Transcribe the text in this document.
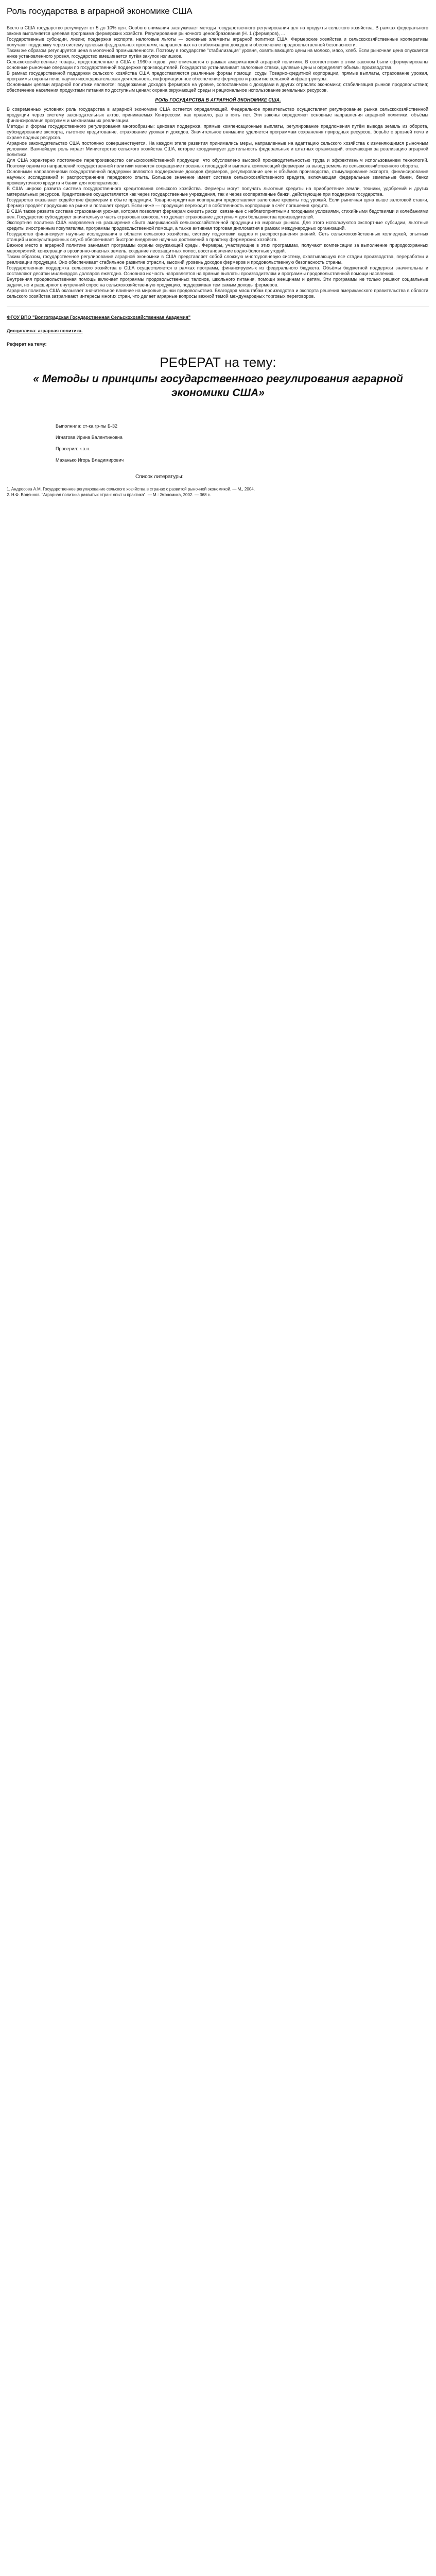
Роль государства в аграрной экономике США
Всего в США государство регулирует от 5 до 10% цен. Особого внимания заслуживает методы государственного регулирования цен на продукты сельского хозяйства. В рамках федерального закона выполняется целевая программа фермерских хозяйств. Регулирование рыночного ценообразования (Н. 1 (фермеров), ...
Государственные субсидии, лизинг, поддержка экспорта, налоговые льготы — основные элементы аграрной политики США. Фермерские хозяйства и сельскохозяйственные кооперативы получают поддержку через систему целевых федеральных программ, направленных на стабилизацию доходов и обеспечение продовольственной безопасности.
Таким же образом регулируется цена в молочной промышленности. Поэтому в государстве "стабилизация" уровня, охватывающего цены на молоко, мясо, хлеб. Если рыночная цена опускается ниже установленного уровня, государство вмешивается путём закупок излишков.
Сельскохозяйственные товары, представленные в США с 1960-х годов, уже отмечаются в рамках американской аграрной политики. В соответствии с этим законом были сформулированы основные рыночные операции по государственной поддержке производителей. Государство устанавливает залоговые ставки, целевые цены и определяет объемы производства.
В рамках государственной поддержки сельского хозяйства США предоставляются различные формы помощи: ссуды Товарно-кредитной корпорации, прямые выплаты, страхование урожая, программы охраны почв, научно-исследовательская деятельность, информационное обеспечение фермеров и развитие сельской инфраструктуры.
Основными целями аграрной политики являются: поддержание доходов фермеров на уровне, сопоставимом с доходами в других отраслях экономики; стабилизация рынков продовольствия; обеспечение населения продуктами питания по доступным ценам; охрана окружающей среды и рациональное использование земельных ресурсов.
РОЛЬ ГОСУДАРСТВА В АГРАРНОЙ ЭКОНОМИКЕ США.
В современных условиях роль государства в аграрной экономике США остаётся определяющей. Федеральное правительство осуществляет регулирование рынка сельскохозяйственной продукции через систему законодательных актов, принимаемых Конгрессом, как правило, раз в пять лет. Эти законы определяют основные направления аграрной политики, объёмы финансирования программ и механизмы их реализации.
Методы и формы государственного регулирования многообразны: ценовая поддержка, прямые компенсационные выплаты, регулирование предложения путём вывода земель из оборота, субсидирование экспорта, льготное кредитование, страхование урожая и доходов. Значительное внимание уделяется программам сохранения природных ресурсов, борьбе с эрозией почв и охране водных ресурсов.
Аграрное законодательство США постоянно совершенствуется. На каждом этапе развития принимались меры, направленные на адаптацию сельского хозяйства к изменяющимся рыночным условиям. Важнейшую роль играет Министерство сельского хозяйства США, которое координирует деятельность федеральных и штатных организаций, отвечающих за реализацию аграрной политики.
Для США характерно постоянное перепроизводство сельскохозяйственной продукции, что обусловлено высокой производительностью труда и эффективным использованием технологий. Поэтому одним из направлений государственной политики является сокращение посевных площадей и выплата компенсаций фермерам за вывод земель из сельскохозяйственного оборота.
Основными направлениями государственной поддержки являются поддержание доходов фермеров, регулирование цен и объёмов производства, стимулирование экспорта, финансирование научных исследований и распространение передового опыта. Большое значение имеет система сельскохозяйственного кредита, включающая федеральные земельные банки, банки промежуточного кредита и банки для кооперативов.
В США широко развита система государственного кредитования сельского хозяйства. Фермеры могут получать льготные кредиты на приобретение земли, техники, удобрений и других материальных ресурсов. Кредитование осуществляется как через государственные учреждения, так и через кооперативные банки, действующие при поддержке государства.
Государство оказывает содействие фермерам в сбыте продукции. Товарно-кредитная корпорация предоставляет залоговые кредиты под урожай. Если рыночная цена выше залоговой ставки, фермер продаёт продукцию на рынке и погашает кредит. Если ниже — продукция переходит в собственность корпорации в счёт погашения кредита.
В США также развита система страхования урожая, которая позволяет фермерам снизить риски, связанные с неблагоприятными погодными условиями, стихийными бедствиями и колебаниями цен. Государство субсидирует значительную часть страховых взносов, что делает страхование доступным для большинства производителей.
Экспортная политика США направлена на расширение сбыта американской сельскохозяйственной продукции на мировых рынках. Для этого используются экспортные субсидии, льготные кредиты иностранным покупателям, программы продовольственной помощи, а также активная торговая дипломатия в рамках международных организаций.
Государство финансирует научные исследования в области сельского хозяйства, систему подготовки кадров и распространения знаний. Сеть сельскохозяйственных колледжей, опытных станций и консультационных служб обеспечивает быстрое внедрение научных достижений в практику фермерских хозяйств.
Важное место в аграрной политике занимают программы охраны окружающей среды. Фермеры, участвующие в этих программах, получают компенсации за выполнение природоохранных мероприятий: консервацию эрозионно-опасных земель, создание лесозащитных полос, восстановление водно-болотных угодий.
Таким образом, государственное регулирование аграрной экономики в США представляет собой сложную многоуровневую систему, охватывающую все стадии производства, переработки и реализации продукции. Оно обеспечивает стабильное развитие отрасли, высокий уровень доходов фермеров и продовольственную безопасность страны.
Государственная поддержка сельского хозяйства в США осуществляется в рамках программ, финансируемых из федерального бюджета. Объёмы бюджетной поддержки значительны и составляют десятки миллиардов долларов ежегодно. Основная их часть направляется на прямые выплаты производителям и программы продовольственной помощи населению.
Внутренняя продовольственная помощь включает программы продовольственных талонов, школьного питания, помощи женщинам и детям. Эти программы не только решают социальные задачи, но и расширяют внутренний спрос на сельскохозяйственную продукцию, поддерживая тем самым доходы фермеров.
Аграрная политика США оказывает значительное влияние на мировые рынки продовольствия. Благодаря масштабам производства и экспорта решения американского правительства в области сельского хозяйства затрагивают интересы многих стран, что делает аграрные вопросы важной темой международных торговых переговоров.
ФГОУ ВПО "Волгоградская Государственная Сельскохозяйственная Академия"
Дисциплина: аграрная политика.
Реферат на тему:
РЕФЕРАТ на тему:
« Методы и принципы государственного регулирования аграрной экономики США»
Выполнила: ст-ка гр-пы Б-32
Игнатова Ирина Валентиновна
Проверил: к.э.н.
Маханько Игорь Владимирович
Список литературы:
1. Андросова А.М. Государственное регулирование сельского хозяйства в странах с развитой рыночной экономикой. — М., 2004.
2. Н.Ф. Водяннов. "Аграрная политика развитых стран: опыт и практика". — М.: Экономика, 2002. — 368 с.
